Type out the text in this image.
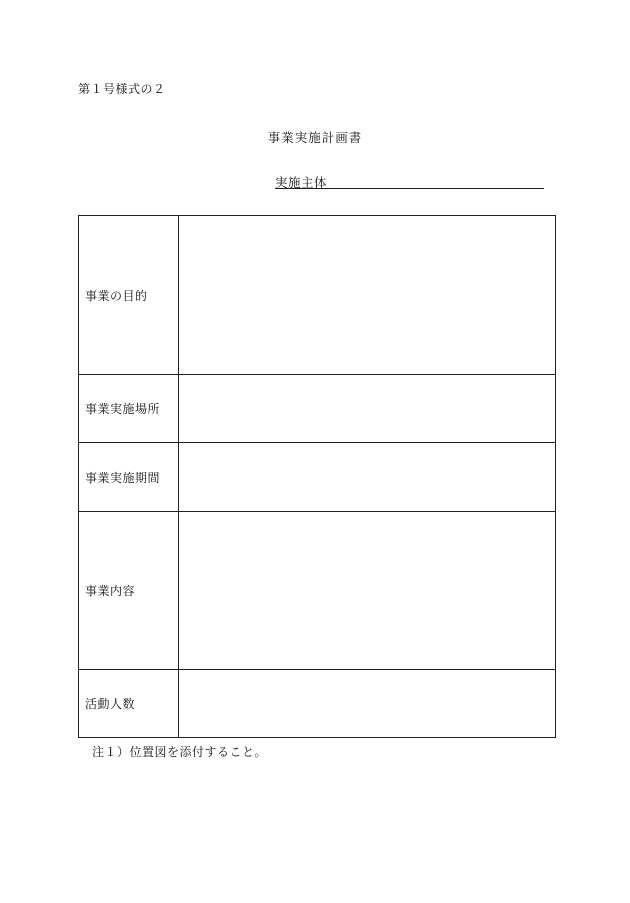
第１号様式の２
事業実施計画書
実施主体
事業の目的	
事業実施場所	
事業実施期間	
事業内容	
活動人数	
注１）位置図を添付すること。
